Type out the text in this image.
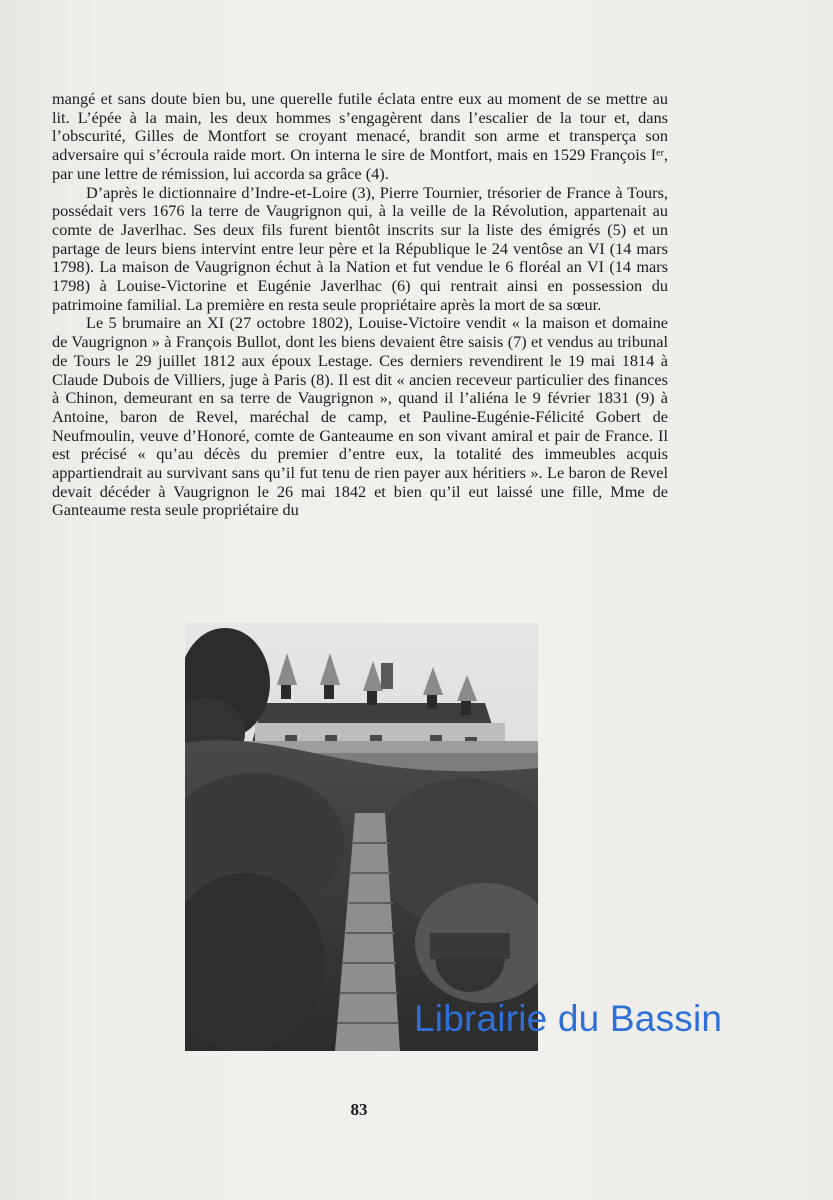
mangé et sans doute bien bu, une querelle futile éclata entre eux au moment de se mettre au lit. L’épée à la main, les deux hommes s’engagèrent dans l’escalier de la tour et, dans l’obscurité, Gilles de Montfort se croyant menacé, brandit son arme et transperça son adversaire qui s’écroula raide mort. On interna le sire de Montfort, mais en 1529 François Iᵉʳ, par une lettre de rémission, lui accorda sa grâce (4).

D’après le dictionnaire d’Indre-et-Loire (3), Pierre Tournier, trésorier de France à Tours, possédait vers 1676 la terre de Vaugrignon qui, à la veille de la Révolution, appartenait au comte de Javerlhac. Ses deux fils furent bientôt inscrits sur la liste des émigrés (5) et un partage de leurs biens intervint entre leur père et la République le 24 ventôse an VI (14 mars 1798). La maison de Vaugrignon échut à la Nation et fut vendue le 6 floréal an VI (14 mars 1798) à Louise-Victorine et Eugénie Javerlhac (6) qui rentrait ainsi en possession du patrimoine familial. La première en resta seule propriétaire après la mort de sa sœur.

Le 5 brumaire an XI (27 octobre 1802), Louise-Victoire vendit « la maison et domaine de Vaugrignon » à François Bullot, dont les biens devaient être saisis (7) et vendus au tribunal de Tours le 29 juillet 1812 aux époux Lestage. Ces derniers revendirent le 19 mai 1814 à Claude Dubois de Villiers, juge à Paris (8). Il est dit « ancien receveur particulier des finances à Chinon, demeurant en sa terre de Vaugrignon », quand il l’aliéna le 9 février 1831 (9) à Antoine, baron de Revel, maréchal de camp, et Pauline-Eugénie-Félicité Gobert de Neufmoulin, veuve d’Honoré, comte de Ganteaume en son vivant amiral et pair de France. Il est précisé « qu’au décès du premier d’entre eux, la totalité des immeubles acquis appartiendrait au survivant sans qu’il fut tenu de rien payer aux héritiers ». Le baron de Revel devait décéder à Vaugrignon le 26 mai 1842 et bien qu’il eut laissé une fille, Mme de Ganteaume resta seule propriétaire du

Librairie du Bassin
83
